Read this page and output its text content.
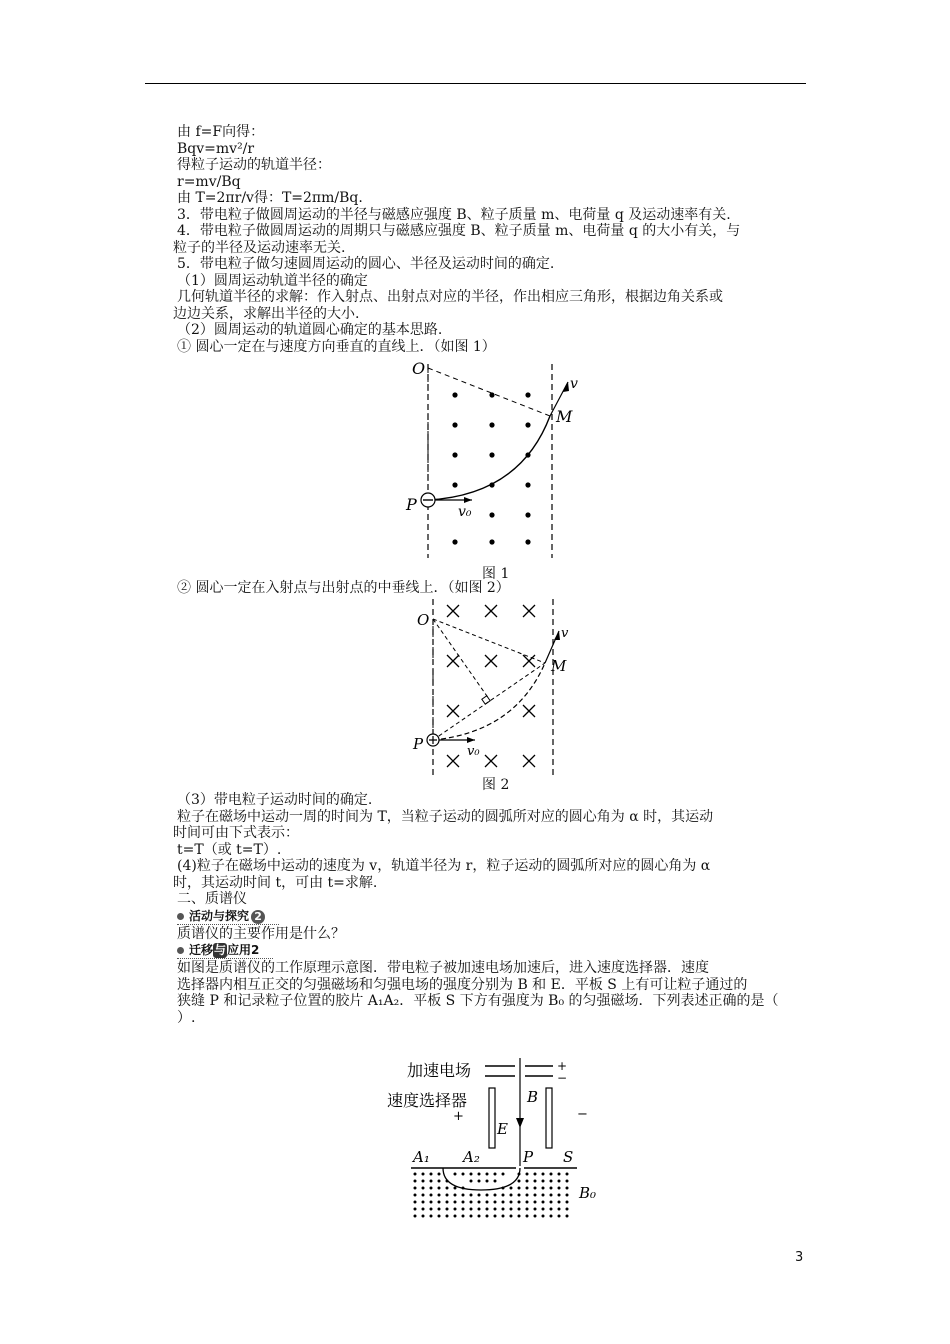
由 f=F向得：

Bqv=mv²/r

得粒子运动的轨道半径：

r=mv/Bq

由 T=2πr/v得：T=2πm/Bq.

3．带电粒子做圆周运动的半径与磁感应强度 B、粒子质量 m、电荷量 q 及运动速率有关.

4．带电粒子做圆周运动的周期只与磁感应强度 B、粒子质量 m、电荷量 q 的大小有关，与

粒子的半径及运动速率无关.

5．带电粒子做匀速圆周运动的圆心、半径及运动时间的确定.

（1）圆周运动轨道半径的确定

几何轨道半径的求解：作入射点、出射点对应的半径，作出相应三角形，根据边角关系或

边边关系，求解出半径的大小.

（2）圆周运动的轨道圆心确定的基本思路.

① 圆心一定在与速度方向垂直的直线上．（如图 1）

O
M
P
v
v₀
图 1

② 圆心一定在入射点与出射点的中垂线上．（如图 2）

O
M
P
v
v₀
图 2

（3）带电粒子运动时间的确定.

粒子在磁场中运动一周的时间为 T，当粒子运动的圆弧所对应的圆心角为 α 时，其运动

时间可由下式表示：

t=T（或 t=T）.

(4)粒子在磁场中运动的速度为 v，轨道半径为 r，粒子运动的圆弧所对应的圆心角为 α

时，其运动时间 t，可由 t=求解.

二、质谱仪

活动与探究 2

质谱仪的主要作用是什么？

迁移与应用2

如图是质谱仪的工作原理示意图．带电粒子被加速电场加速后，进入速度选择器．速度

选择器内相互正交的匀强磁场和匀强电场的强度分别为 B 和 E．平板 S 上有可让粒子通过的

狭缝 P 和记录粒子位置的胶片 A₁A₂．平板 S 下方有强度为 B₀ 的匀强磁场．下列表述正确的是（

）.

加速电场	+
−
速度选择器
+	−
B
E
A₁ A₂	P S
B₀
3
